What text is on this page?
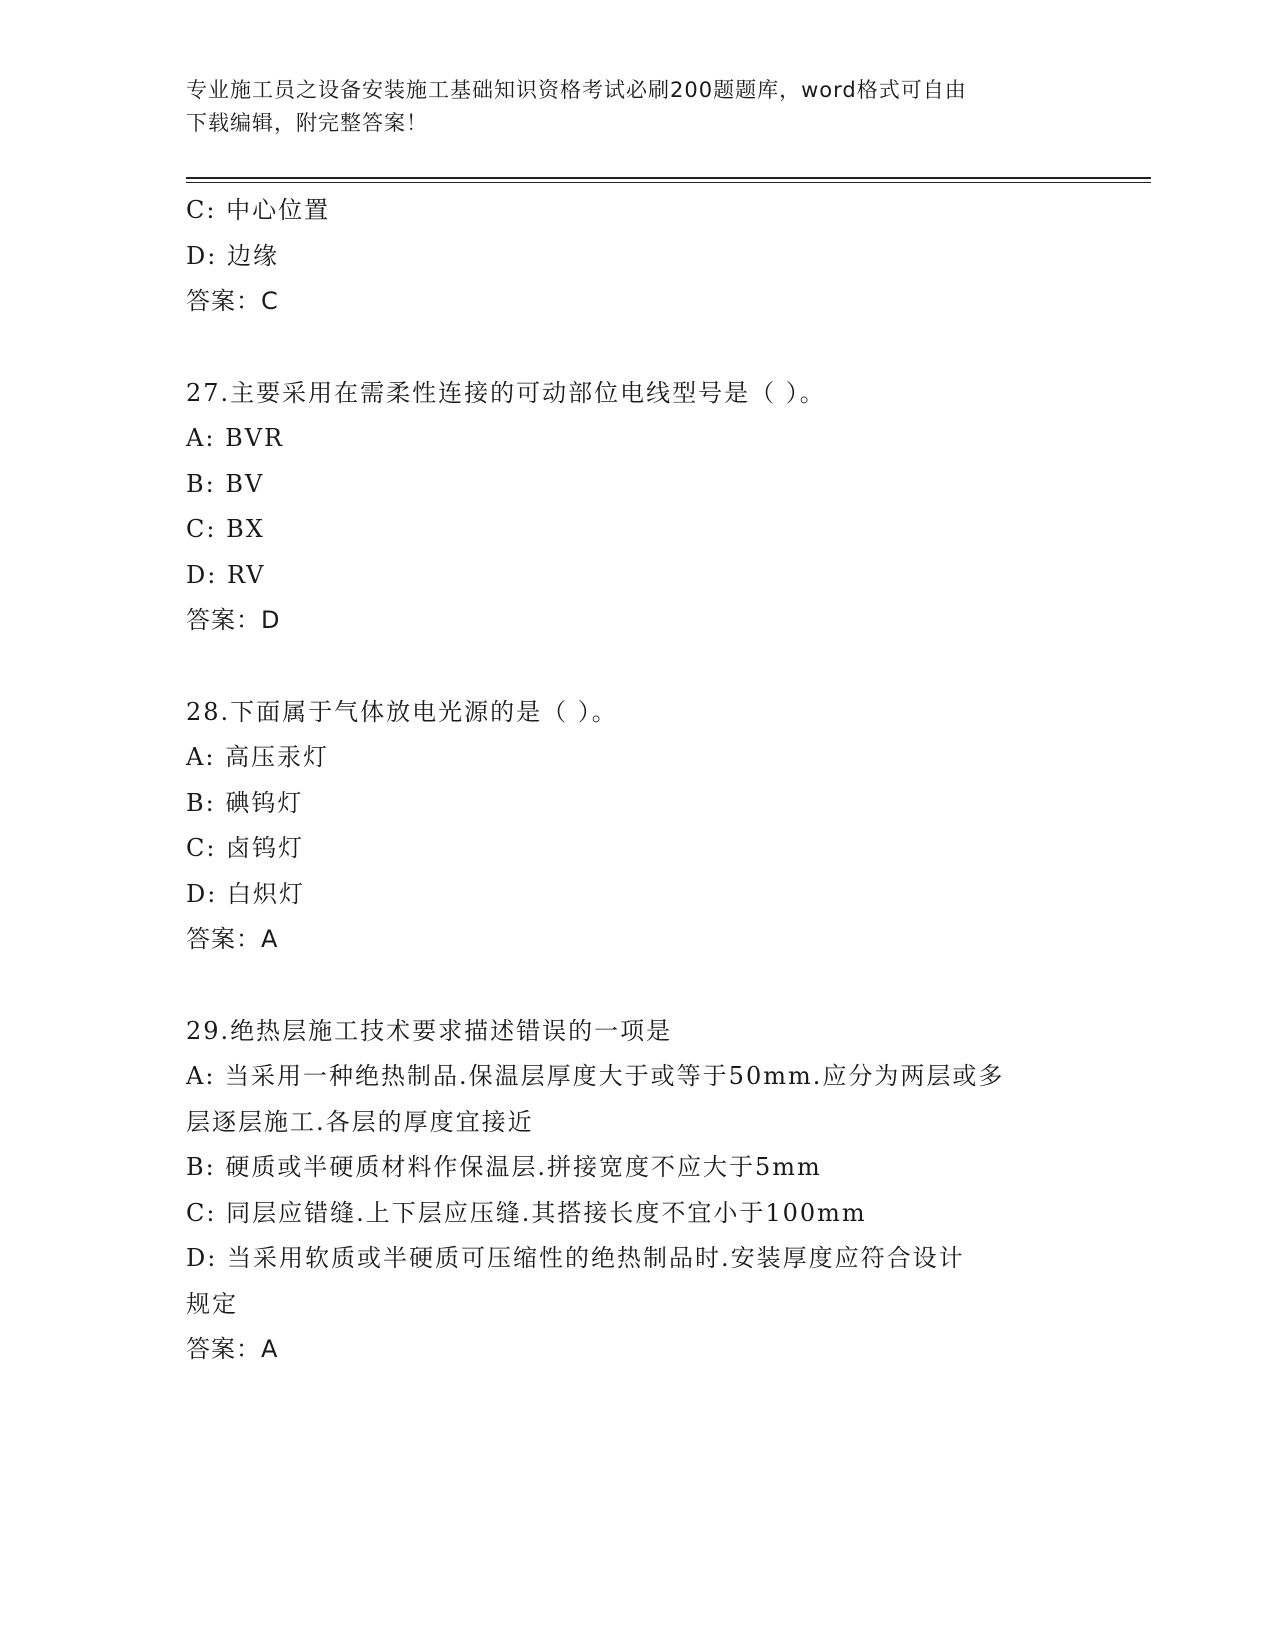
专业施工员之设备安装施工基础知识资格考试必刷200题题库，word格式可自由
下载编辑，附完整答案！
C: 中心位置
D: 边缘
答案：C
27.主要采用在需柔性连接的可动部位电线型号是（ ）。
A: BVR
B: BV
C: BX
D: RV
答案：D
28.下面属于气体放电光源的是（ ）。
A: 高压汞灯
B: 碘钨灯
C: 卤钨灯
D: 白炽灯
答案：A
29.绝热层施工技术要求描述错误的一项是
A: 当采用一种绝热制品.保温层厚度大于或等于50mm.应分为两层或多
层逐层施工.各层的厚度宜接近
B: 硬质或半硬质材料作保温层.拼接宽度不应大于5mm
C: 同层应错缝.上下层应压缝.其搭接长度不宜小于100mm
D: 当采用软质或半硬质可压缩性的绝热制品时.安装厚度应符合设计
规定
答案：A
